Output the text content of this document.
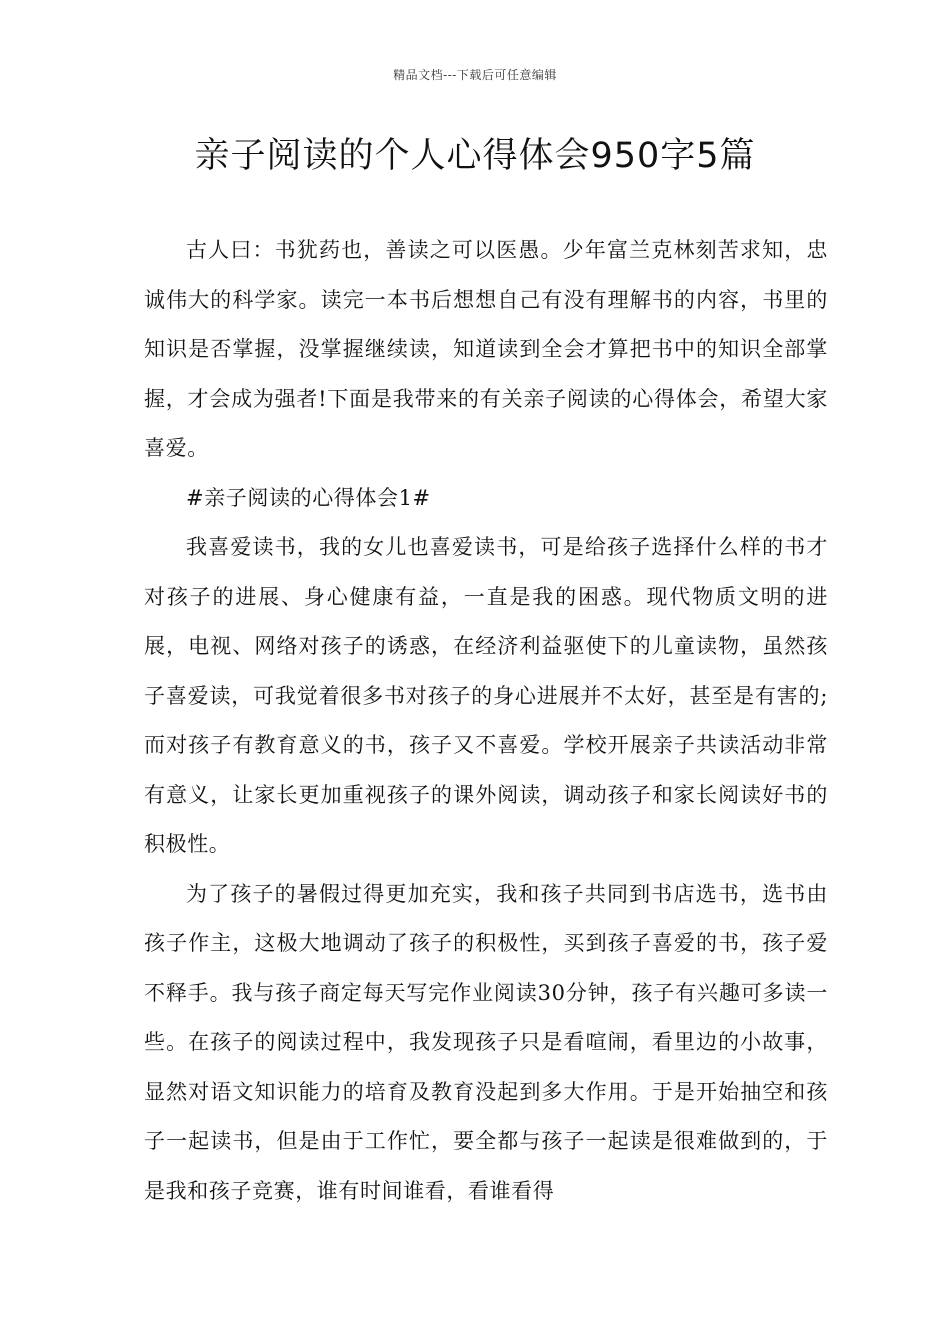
精品文档---下载后可任意编辑
亲子阅读的个人心得体会950字5篇

古人曰：书犹药也，善读之可以医愚。少年富兰克林刻苦求知，忠诚伟大的科学家。读完一本书后想想自己有没有理解书的内容，书里的知识是否掌握，没掌握继续读，知道读到全会才算把书中的知识全部掌握，才会成为强者!下面是我带来的有关亲子阅读的心得体会，希望大家喜爱。

#亲子阅读的心得体会1#

我喜爱读书，我的女儿也喜爱读书，可是给孩子选择什么样的书才对孩子的进展、身心健康有益，一直是我的困惑。现代物质文明的进展，电视、网络对孩子的诱惑，在经济利益驱使下的儿童读物，虽然孩子喜爱读，可我觉着很多书对孩子的身心进展并不太好，甚至是有害的;而对孩子有教育意义的书，孩子又不喜爱。学校开展亲子共读活动非常有意义，让家长更加重视孩子的课外阅读，调动孩子和家长阅读好书的积极性。

为了孩子的暑假过得更加充实，我和孩子共同到书店选书，选书由孩子作主，这极大地调动了孩子的积极性，买到孩子喜爱的书，孩子爱不释手。我与孩子商定每天写完作业阅读30分钟，孩子有兴趣可多读一些。在孩子的阅读过程中，我发现孩子只是看喧闹，看里边的小故事，显然对语文知识能力的培育及教育没起到多大作用。于是开始抽空和孩子一起读书，但是由于工作忙，要全都与孩子一起读是很难做到的，于是我和孩子竞赛，谁有时间谁看，看谁看得
